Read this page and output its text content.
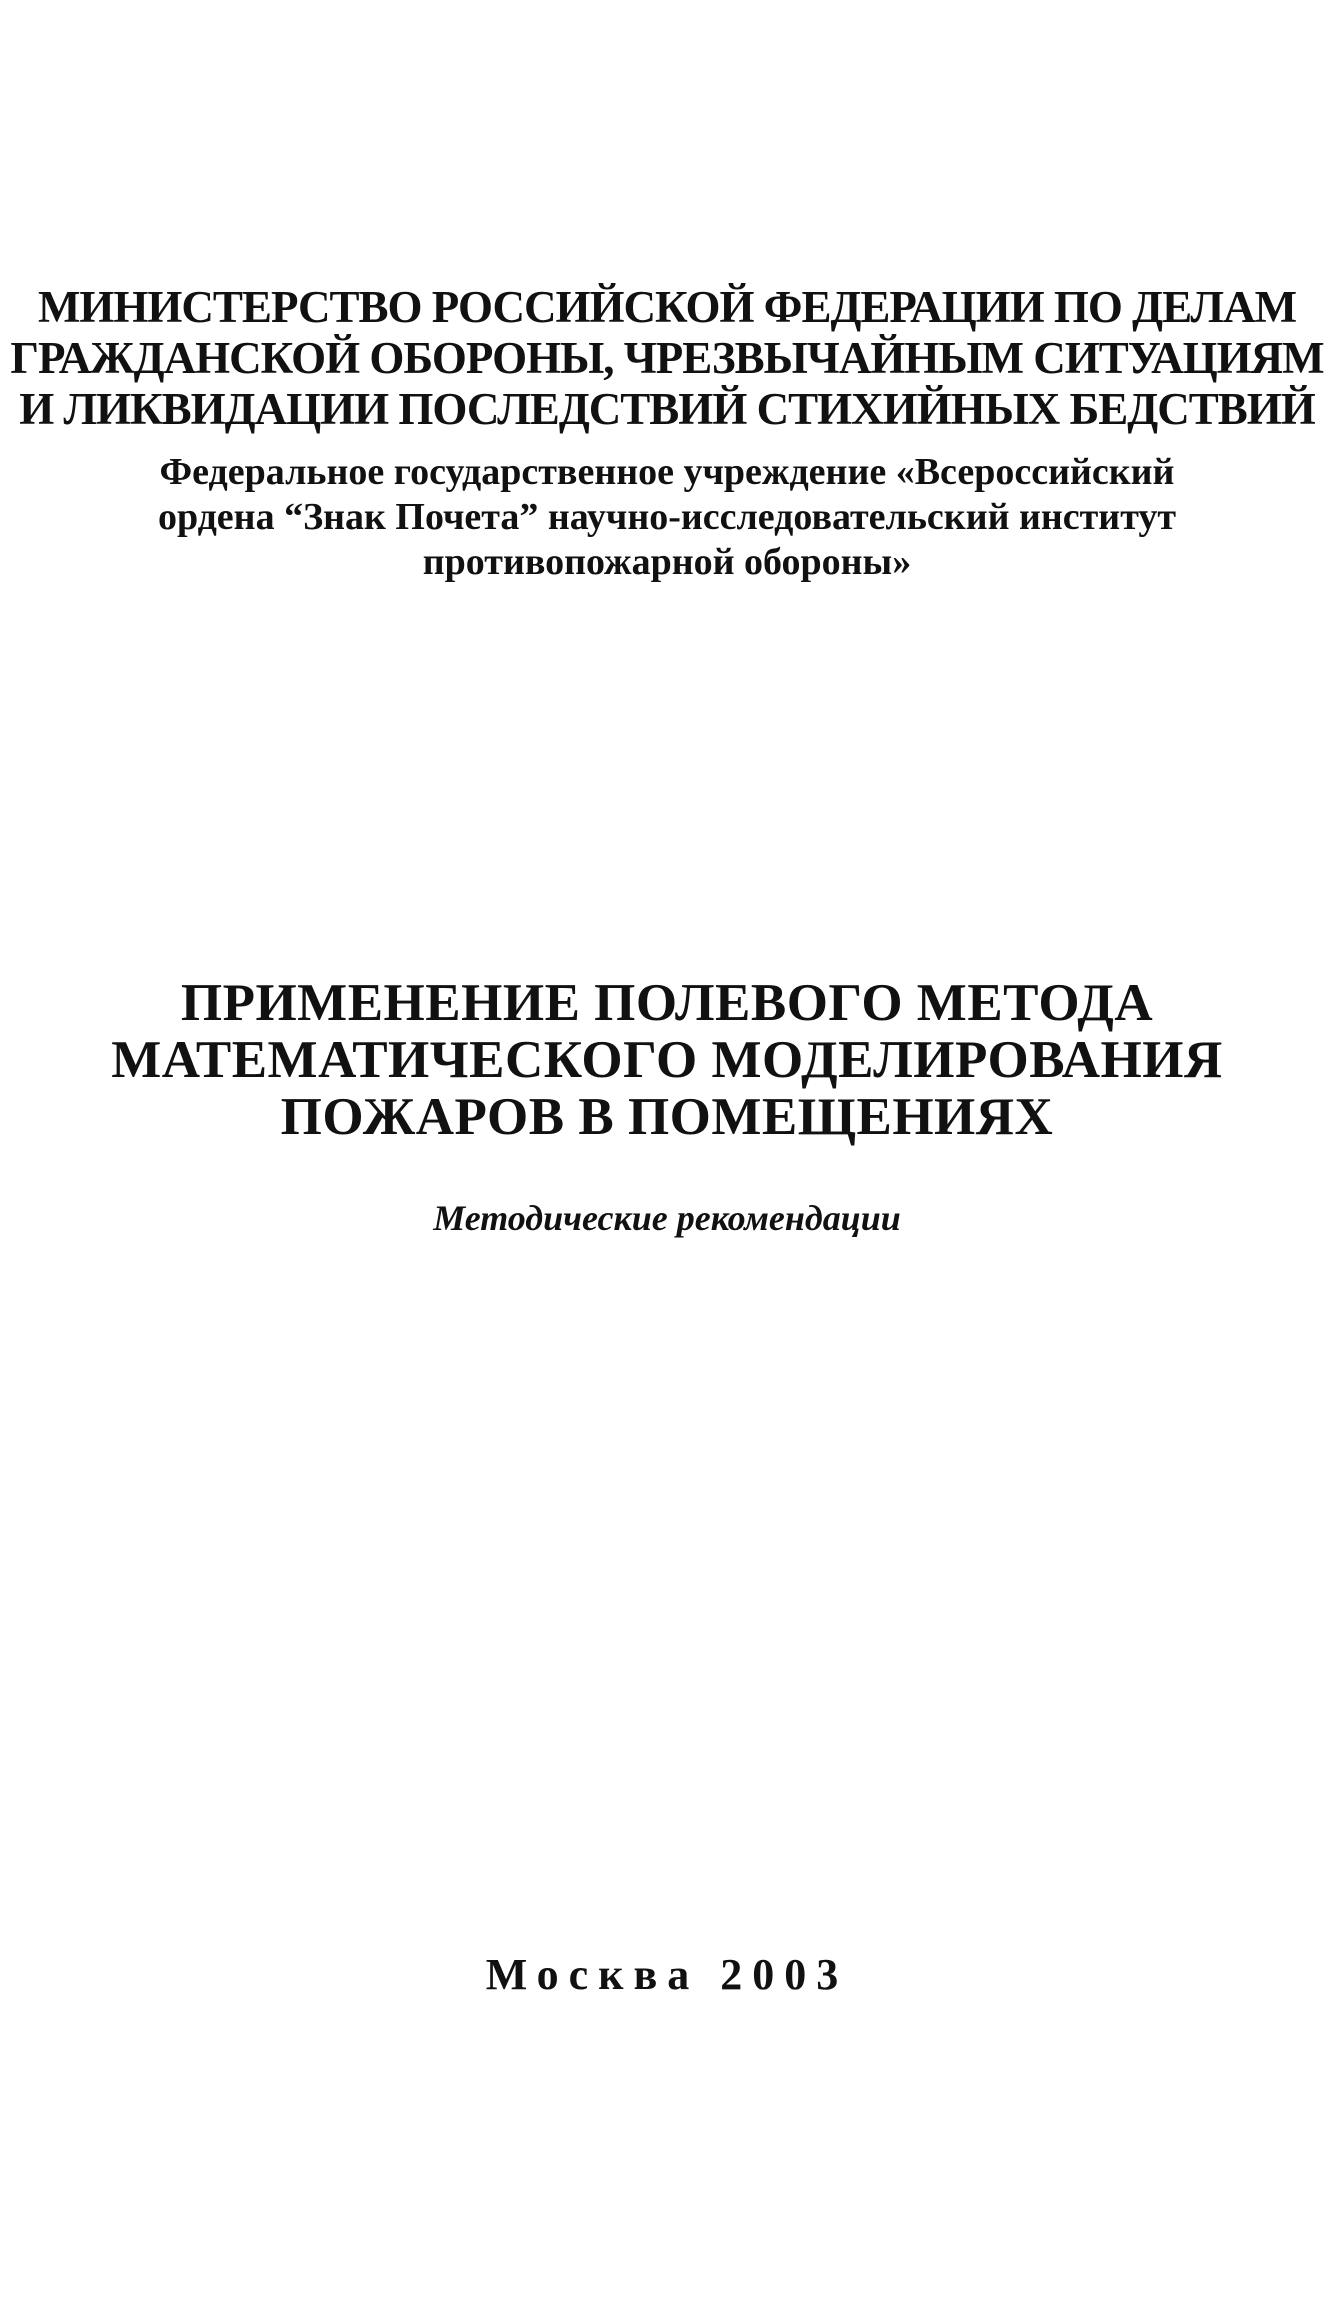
МИНИСТЕРСТВО РОССИЙСКОЙ ФЕДЕРАЦИИ ПО ДЕЛАМ
ГРАЖДАНСКОЙ ОБОРОНЫ, ЧРЕЗВЫЧАЙНЫМ СИТУАЦИЯМ
И ЛИКВИДАЦИИ ПОСЛЕДСТВИЙ СТИХИЙНЫХ БЕДСТВИЙ
Федеральное государственное учреждение «Всероссийский
ордена “Знак Почета” научно-исследовательский институт
противопожарной обороны»
ПРИМЕНЕНИЕ ПОЛЕВОГО МЕТОДА
МАТЕМАТИЧЕСКОГО МОДЕЛИРОВАНИЯ
ПОЖАРОВ В ПОМЕЩЕНИЯХ
Методические рекомендации
Москва 2003
